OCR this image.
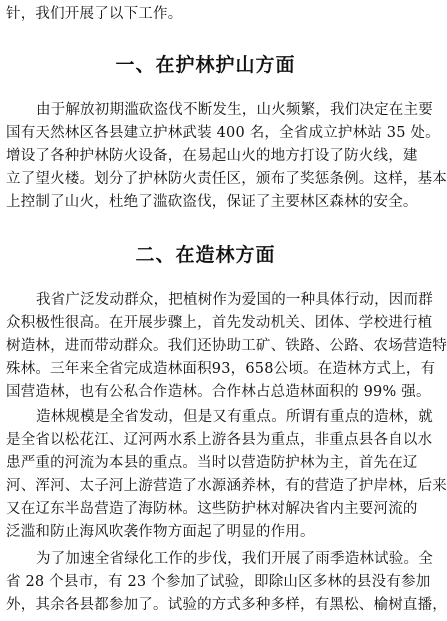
针，我们开展了以下工作。
一、在护林护山方面
由于解放初期滥砍盗伐不断发生，山火频繁，我们决定在主要
国有天然林区各县建立护林武装 400 名，全省成立护林站 35 处。
增设了各种护林防火设备，在易起山火的地方打设了防火线，建
立了望火楼。划分了护林防火责任区，颁布了奖惩条例。这样，基本
上控制了山火，杜绝了滥砍盗伐，保证了主要林区森林的安全。
二、在造林方面
我省广泛发动群众，把植树作为爱国的一种具体行动，因而群
众积极性很高。在开展步骤上，首先发动机关、团体、学校进行植
树造林，进而带动群众。我们还协助工矿、铁路、公路、农场营造特
殊林。三年来全省完成造林面积93，658公顷。在造林方式上，有
国营造林，也有公私合作造林。合作林占总造林面积的 99% 强。
造林规模是全省发动，但是又有重点。所谓有重点的造林，就
是全省以松花江、辽河两水系上游各县为重点，非重点县各自以水
患严重的河流为本县的重点。当时以营造防护林为主，首先在辽
河、浑河、太子河上游营造了水源涵养林，有的营造了护岸林，后来
又在辽东半岛营造了海防林。这些防护林对解决省内主要河流的
泛滥和防止海风吹袭作物方面起了明显的作用。
为了加速全省绿化工作的步伐，我们开展了雨季造林试验。全
省 28 个县市，有 23 个参加了试验，即除山区多林的县没有参加
外，其余各县都参加了。试验的方式多种多样，有黑松、榆树直播，
